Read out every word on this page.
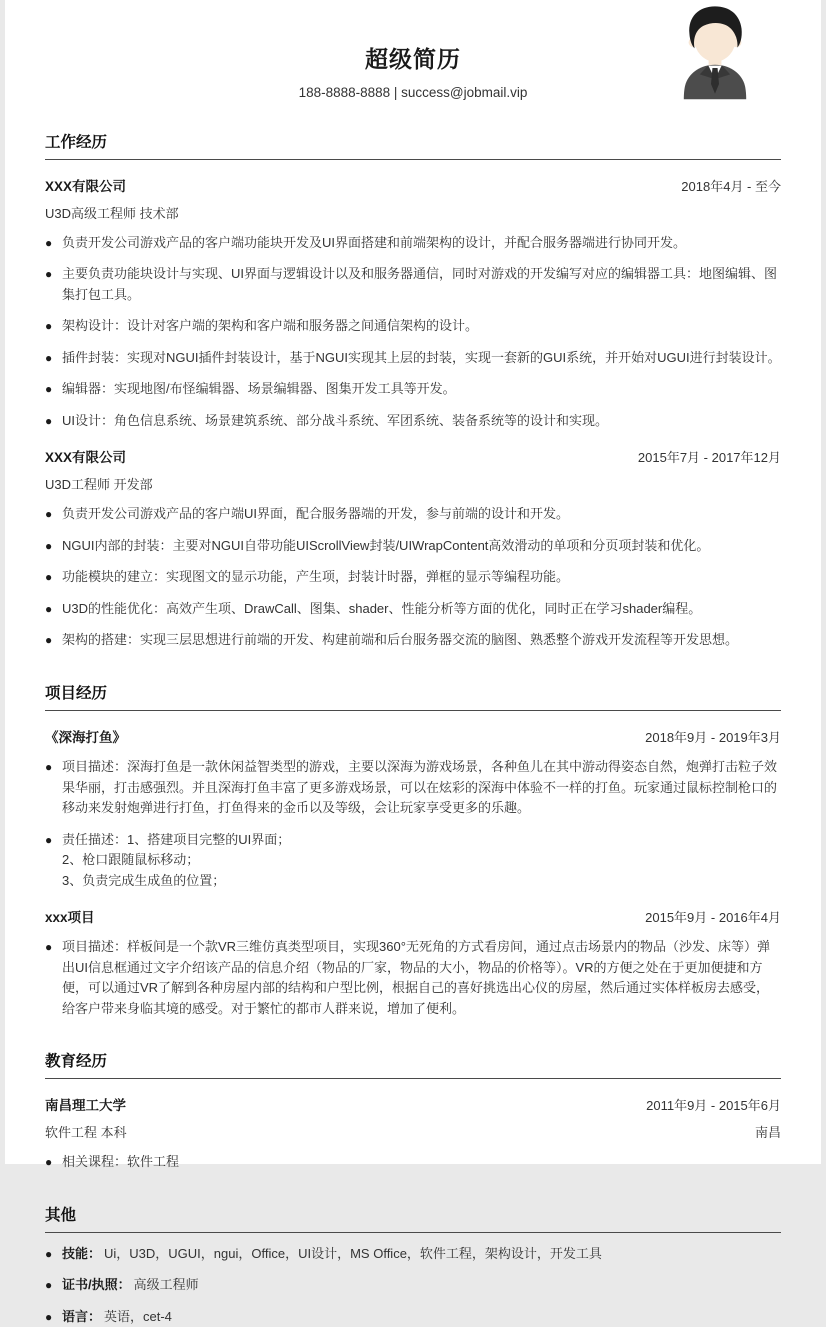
超级简历
188-8888-8888 | success@jobmail.vip
工作经历
XXX有限公司	2018年4月 - 至今
U3D高级工程师 技术部
● 负责开发公司游戏产品的客户端功能块开发及UI界面搭建和前端架构的设计，并配合服务器端进行协同开发。
● 主要负责功能块设计与实现、UI界面与逻辑设计以及和服务器通信，同时对游戏的开发编写对应的编辑器工具：地图编辑、图集打包工具。
● 架构设计：设计对客户端的架构和客户端和服务器之间通信架构的设计。
● 插件封装：实现对NGUI插件封装设计，基于NGUI实现其上层的封装，实现一套新的GUI系统，并开始对UGUI进行封装设计。
● 编辑器：实现地图/布怪编辑器、场景编辑器、图集开发工具等开发。
● UI设计：角色信息系统、场景建筑系统、部分战斗系统、军团系统、装备系统等的设计和实现。
XXX有限公司	2015年7月 - 2017年12月
U3D工程师 开发部
● 负责开发公司游戏产品的客户端UI界面，配合服务器端的开发，参与前端的设计和开发。
● NGUI内部的封装：主要对NGUI自带功能UIScrollView封装/UIWrapContent高效滑动的单项和分页项封装和优化。
● 功能模块的建立：实现图文的显示功能，产生项，封装计时器，弹框的显示等编程功能。
● U3D的性能优化：高效产生项、DrawCall、图集、shader、性能分析等方面的优化，同时正在学习shader编程。
● 架构的搭建：实现三层思想进行前端的开发、构建前端和后台服务器交流的脑图、熟悉整个游戏开发流程等开发思想。
项目经历
《深海打鱼》	2018年9月 - 2019年3月
● 项目描述：深海打鱼是一款休闲益智类型的游戏，主要以深海为游戏场景，各种鱼儿在其中游动得姿态自然，炮弹打击粒子效果华丽，打击感强烈。并且深海打鱼丰富了更多游戏场景，可以在炫彩的深海中体验不一样的打鱼。玩家通过鼠标控制枪口的移动来发射炮弹进行打鱼，打鱼得来的金币以及等级，会让玩家享受更多的乐趣。
● 责任描述：1、搭建项目完整的UI界面；
2、枪口跟随鼠标移动；
3、负责完成生成鱼的位置；
xxx项目	2015年9月 - 2016年4月
● 项目描述：样板间是一个款VR三维仿真类型项目，实现360°无死角的方式看房间，通过点击场景内的物品（沙发、床等）弹出UI信息框通过文字介绍该产品的信息介绍（物品的厂家，物品的大小，物品的价格等）。VR的方便之处在于更加便捷和方便，可以通过VR了解到各种房屋内部的结构和户型比例，根据自己的喜好挑选出心仪的房屋，然后通过实体样板房去感受，给客户带来身临其境的感受。对于繁忙的都市人群来说，增加了便利。
教育经历
南昌理工大学	2011年9月 - 2015年6月
软件工程 本科	南昌
● 相关课程：软件工程
其他
● 技能： Ui，U3D，UGUI，ngui，Office，UI设计，MS Office，软件工程，架构设计，开发工具
● 证书/执照： 高级工程师
● 语言： 英语，cet-4
